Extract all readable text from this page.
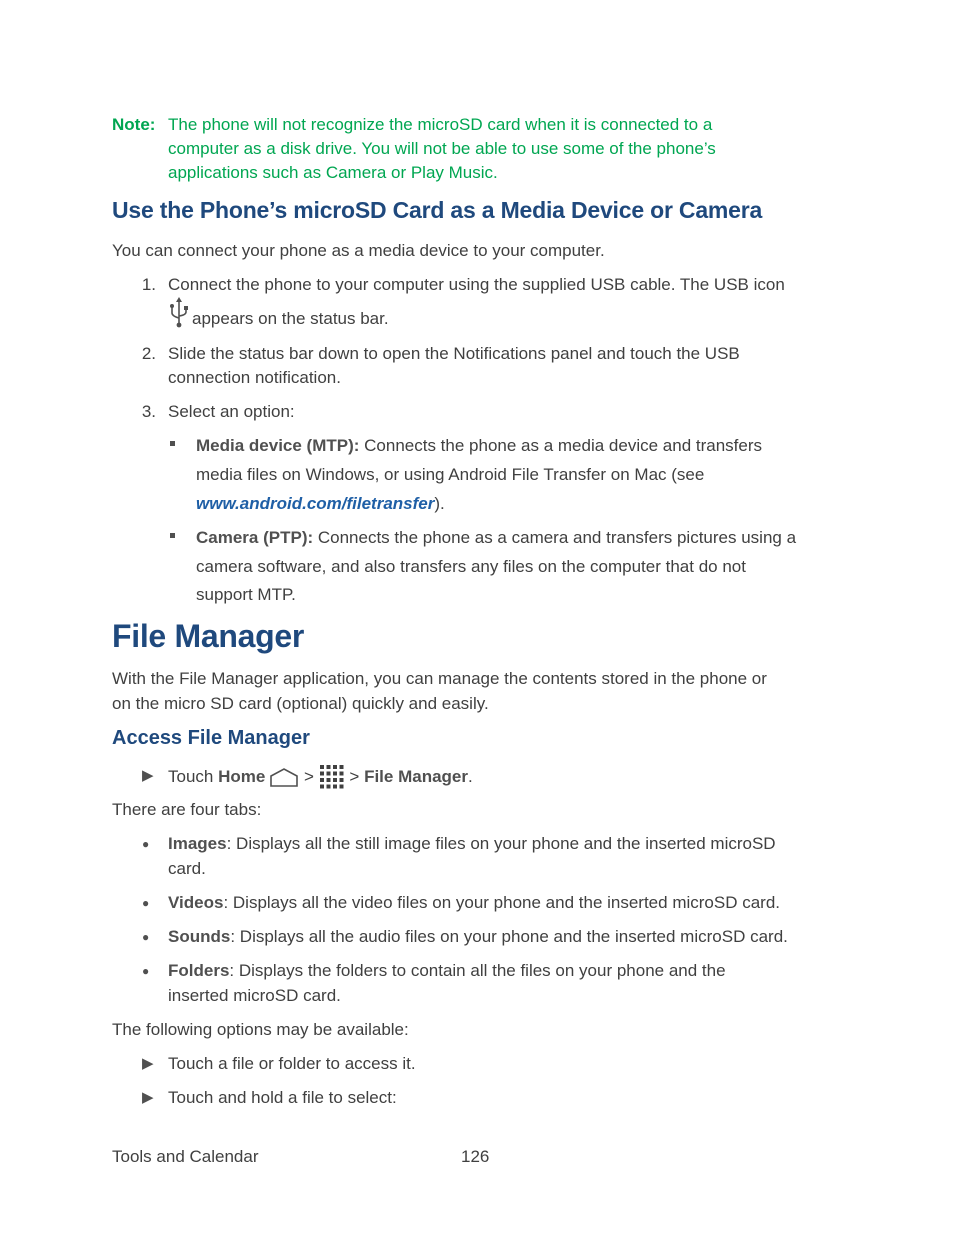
Note: The phone will not recognize the microSD card when it is connected to a
computer as a disk drive. You will not be able to use some of the phone’s
applications such as Camera or Play Music.
Use the Phone’s microSD Card as a Media Device or Camera
You can connect your phone as a media device to your computer.
1. Connect the phone to your computer using the supplied USB cable. The USB icon
appears on the status bar.
2. Slide the status bar down to open the Notifications panel and touch the USB
connection notification.
3. Select an option:
Media device (MTP): Connects the phone as a media device and transfers
media files on Windows, or using Android File Transfer on Mac (see
www.android.com/filetransfer).
Camera (PTP): Connects the phone as a camera and transfers pictures using a
camera software, and also transfers any files on the computer that do not
support MTP.
File Manager
With the File Manager application, you can manage the contents stored in the phone or
on the micro SD card (optional) quickly and easily.
Access File Manager
▶ Touch Home > > File Manager .
There are four tabs:
● Images: Displays all the still image files on your phone and the inserted microSD
card.
● Videos: Displays all the video files on your phone and the inserted microSD card.
● Sounds: Displays all the audio files on your phone and the inserted microSD card.
● Folders: Displays the folders to contain all the files on your phone and the
inserted microSD card.
The following options may be available:
▶ Touch a file or folder to access it.
▶ Touch and hold a file to select:
Tools and Calendar	126
